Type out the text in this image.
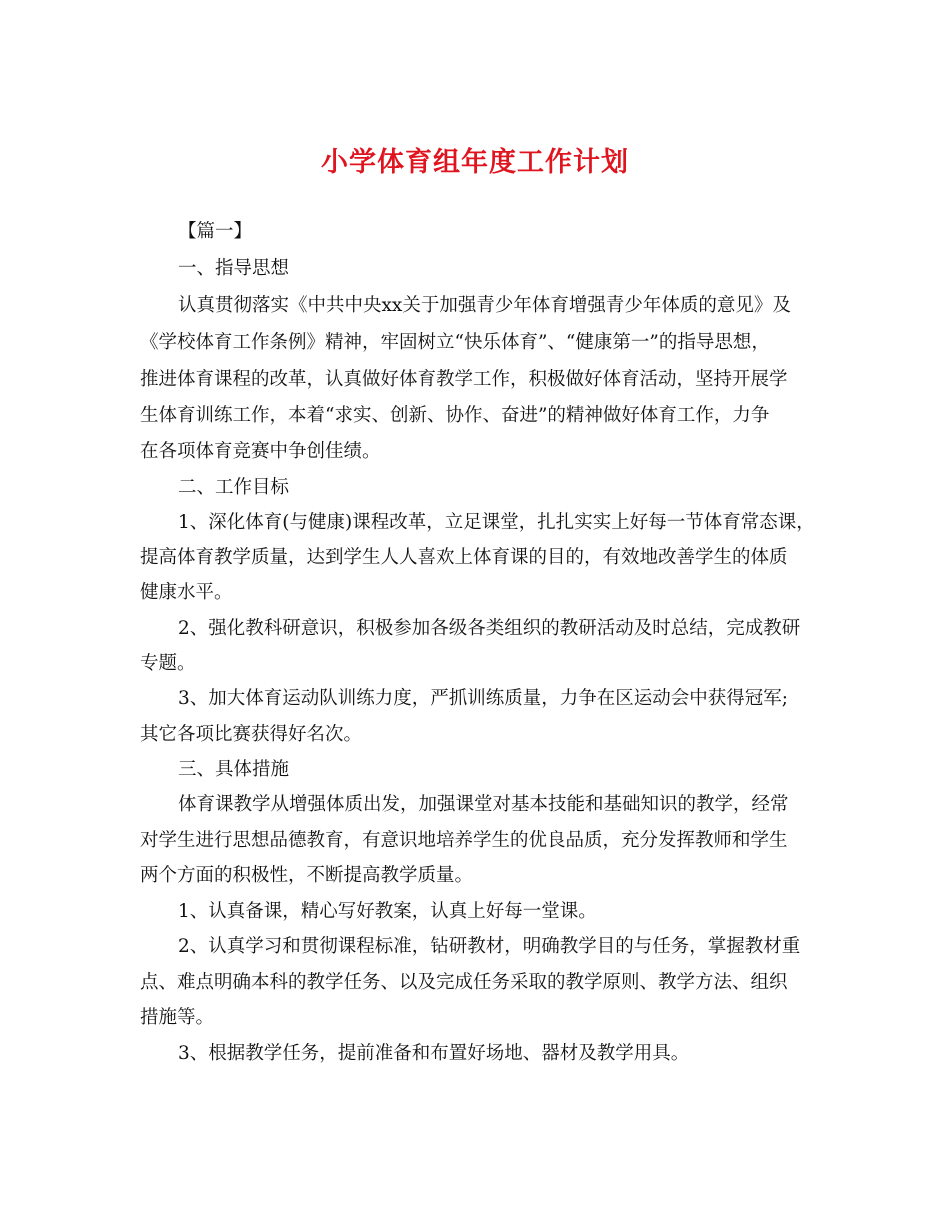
小学体育组年度工作计划

【篇一】

一、指导思想

认真贯彻落实《中共中央xx关于加强青少年体育增强青少年体质的意见》及

《学校体育工作条例》精神，牢固树立“快乐体育”、“健康第一”的指导思想，

推进体育课程的改革，认真做好体育教学工作，积极做好体育活动，坚持开展学

生体育训练工作，本着“求实、创新、协作、奋进”的精神做好体育工作，力争

在各项体育竞赛中争创佳绩。

二、工作目标

1、深化体育(与健康)课程改革，立足课堂，扎扎实实上好每一节体育常态课，

提高体育教学质量，达到学生人人喜欢上体育课的目的，有效地改善学生的体质

健康水平。

2、强化教科研意识，积极参加各级各类组织的教研活动及时总结，完成教研

专题。

3、加大体育运动队训练力度，严抓训练质量，力争在区运动会中获得冠军;

其它各项比赛获得好名次。

三、具体措施

体育课教学从增强体质出发，加强课堂对基本技能和基础知识的教学，经常

对学生进行思想品德教育，有意识地培养学生的优良品质，充分发挥教师和学生

两个方面的积极性，不断提高教学质量。

1、认真备课，精心写好教案，认真上好每一堂课。

2、认真学习和贯彻课程标准，钻研教材，明确教学目的与任务，掌握教材重

点、难点明确本科的教学任务、以及完成任务采取的教学原则、教学方法、组织

措施等。

3、根据教学任务，提前准备和布置好场地、器材及教学用具。
